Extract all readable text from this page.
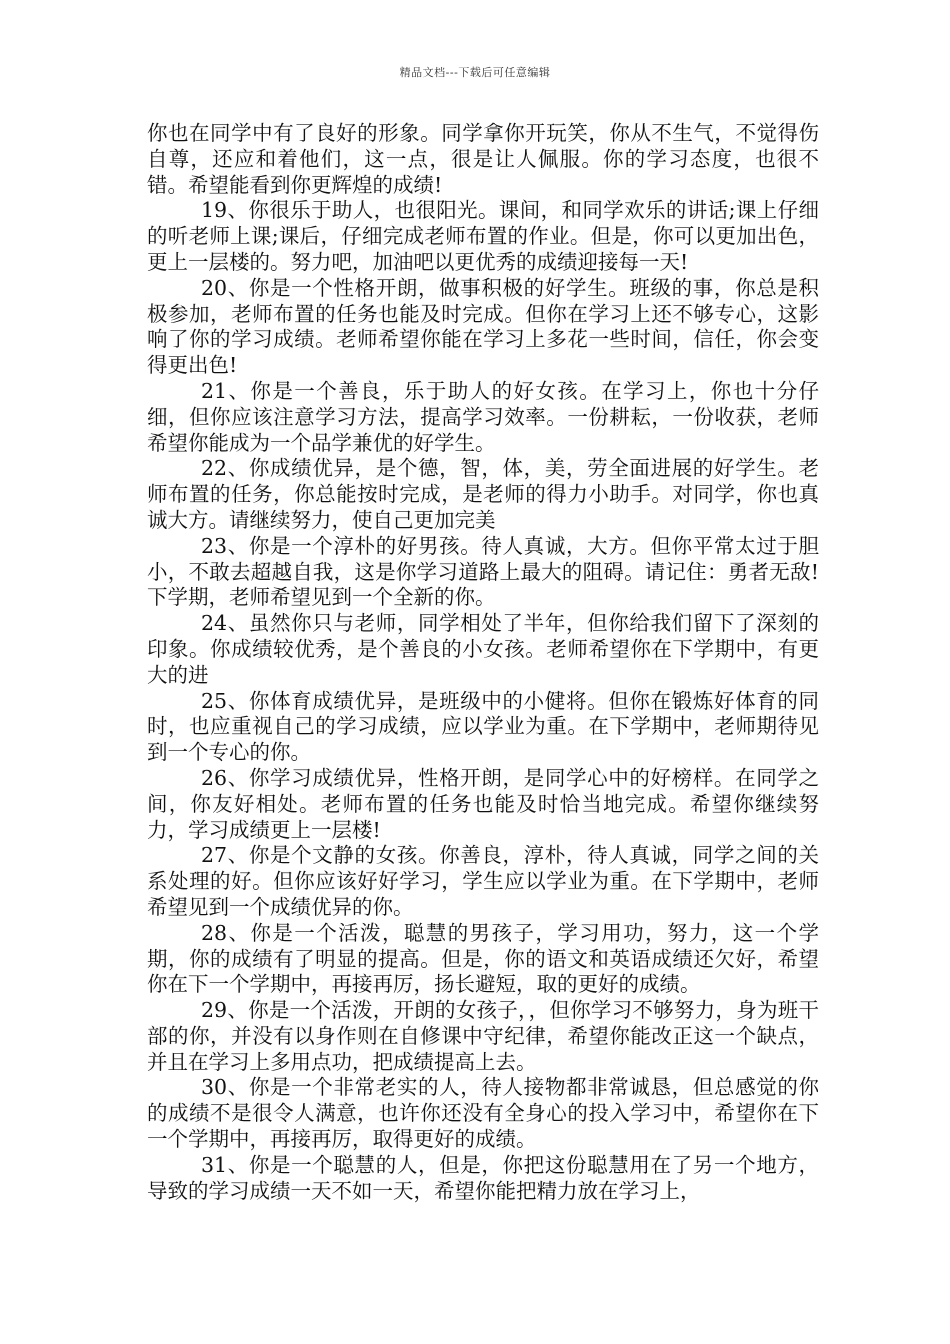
精品文档---下载后可任意编辑

你也在同学中有了良好的形象。同学拿你开玩笑，你从不生气，不觉得伤自尊，还应和着他们，这一点，很是让人佩服。你的学习态度，也很不错。希望能看到你更辉煌的成绩!

19、你很乐于助人，也很阳光。课间，和同学欢乐的讲话;课上仔细的听老师上课;课后，仔细完成老师布置的作业。但是，你可以更加出色，更上一层楼的。努力吧，加油吧以更优秀的成绩迎接每一天!

20、你是一个性格开朗，做事积极的好学生。班级的事，你总是积极参加，老师布置的任务也能及时完成。但你在学习上还不够专心，这影响了你的学习成绩。老师希望你能在学习上多花一些时间，信任，你会变得更出色!

21、你是一个善良，乐于助人的好女孩。在学习上，你也十分仔细，但你应该注意学习方法，提高学习效率。一份耕耘，一份收获，老师希望你能成为一个品学兼优的好学生。

22、你成绩优异，是个德，智，体，美，劳全面进展的好学生。老师布置的任务，你总能按时完成，是老师的得力小助手。对同学，你也真诚大方。请继续努力，使自己更加完美

23、你是一个淳朴的好男孩。待人真诚，大方。但你平常太过于胆小，不敢去超越自我，这是你学习道路上最大的阻碍。请记住：勇者无敌!下学期，老师希望见到一个全新的你。

24、虽然你只与老师，同学相处了半年，但你给我们留下了深刻的印象。你成绩较优秀，是个善良的小女孩。老师希望你在下学期中，有更大的进

25、你体育成绩优异，是班级中的小健将。但你在锻炼好体育的同时，也应重视自己的学习成绩，应以学业为重。在下学期中，老师期待见到一个专心的你。

26、你学习成绩优异，性格开朗，是同学心中的好榜样。在同学之间，你友好相处。老师布置的任务也能及时恰当地完成。希望你继续努力，学习成绩更上一层楼!

27、你是个文静的女孩。你善良，淳朴，待人真诚，同学之间的关系处理的好。但你应该好好学习，学生应以学业为重。在下学期中，老师希望见到一个成绩优异的你。

28、你是一个活泼，聪慧的男孩子，学习用功，努力，这一个学期，你的成绩有了明显的提高。但是，你的语文和英语成绩还欠好，希望你在下一个学期中，再接再厉，扬长避短，取的更好的成绩。

29、你是一个活泼，开朗的女孩子，，但你学习不够努力，身为班干部的你，并没有以身作则在自修课中守纪律，希望你能改正这一个缺点，并且在学习上多用点功，把成绩提高上去。

30、你是一个非常老实的人，待人接物都非常诚恳，但总感觉的你的成绩不是很令人满意，也许你还没有全身心的投入学习中，希望你在下一个学期中，再接再厉，取得更好的成绩。

31、你是一个聪慧的人，但是，你把这份聪慧用在了另一个地方，导致的学习成绩一天不如一天，希望你能把精力放在学习上，
